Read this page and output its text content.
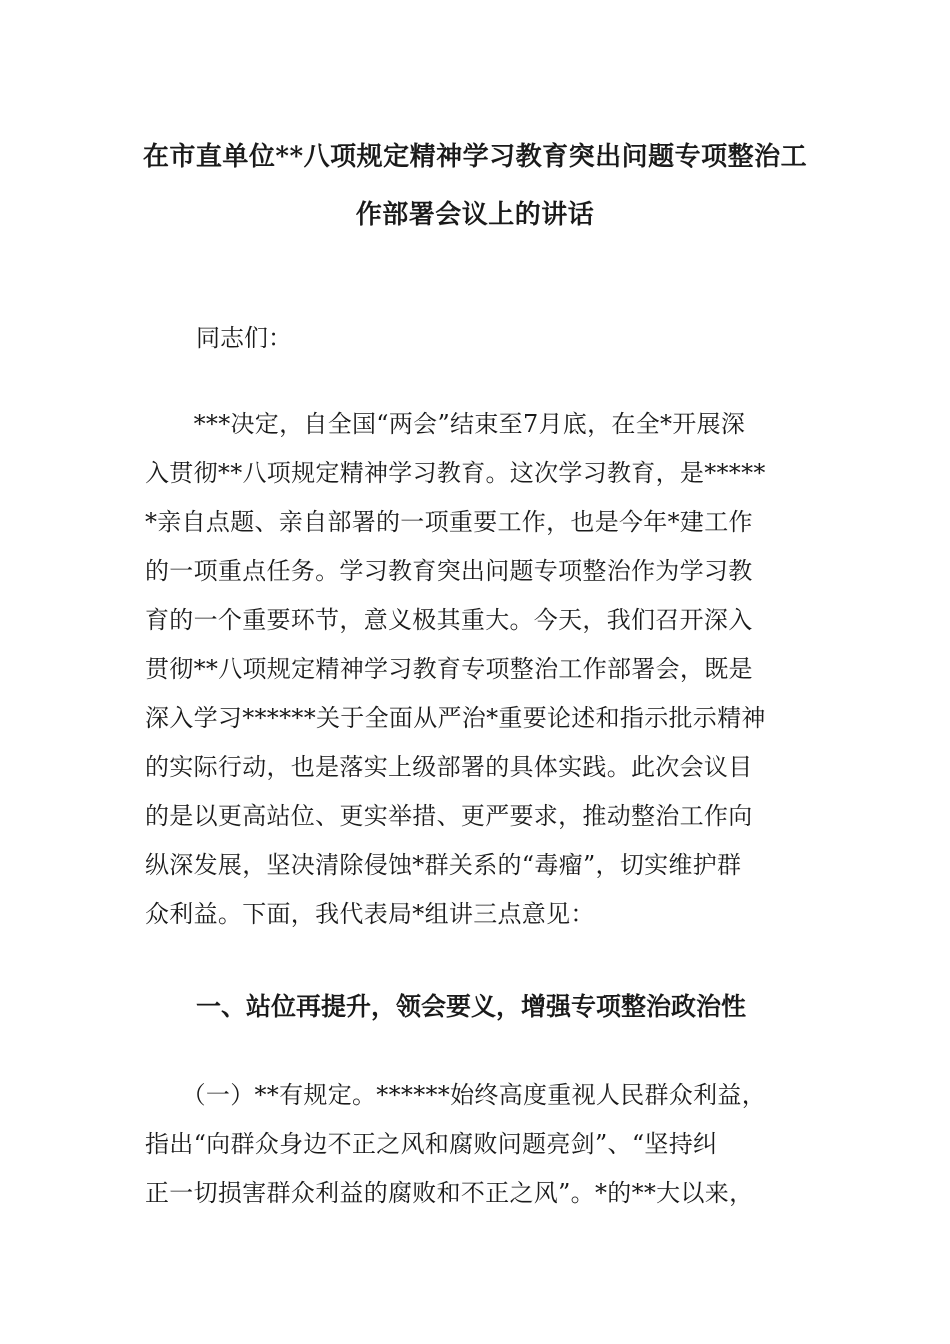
在市直单位**八项规定精神学习教育突出问题专项整治工
作部署会议上的讲话
同志们：
　　***决定，自全国“两会”结束至7月底，在全*开展深
入贯彻**八项规定精神学习教育。这次学习教育，是*****
*亲自点题、亲自部署的一项重要工作，也是今年*建工作
的一项重点任务。学习教育突出问题专项整治作为学习教
育的一个重要环节，意义极其重大。今天，我们召开深入
贯彻**八项规定精神学习教育专项整治工作部署会，既是
深入学习******关于全面从严治*重要论述和指示批示精神
的实际行动，也是落实上级部署的具体实践。此次会议目
的是以更高站位、更实举措、更严要求，推动整治工作向
纵深发展，坚决清除侵蚀*群关系的“毒瘤”，切实维护群
众利益。下面，我代表局*组讲三点意见：
一、站位再提升，领会要义，增强专项整治政治性
　　（一）**有规定。******始终高度重视人民群众利益，
指出“向群众身边不正之风和腐败问题亮剑”、“坚持纠
正一切损害群众利益的腐败和不正之风”。*的**大以来，
